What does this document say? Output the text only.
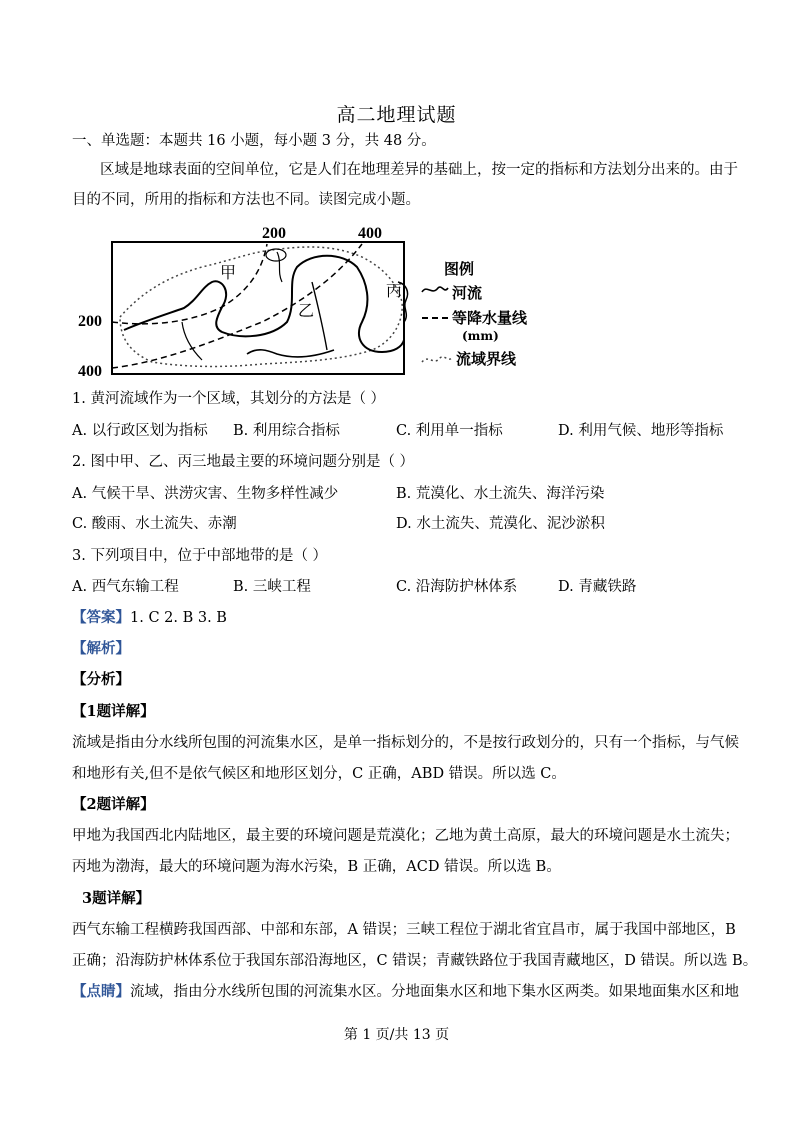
高二地理试题
一、单选题：本题共 16 小题，每小题 3 分，共 48 分。
区域是地球表面的空间单位，它是人们在地理差异的基础上，按一定的指标和方法划分出来的。由于
目的不同，所用的指标和方法也不同。读图完成小题。
200	400
200
400
甲
乙
丙
图例
河流
等降水量线
(mm)
流域界线
1. 黄河流域作为一个区域，其划分的方法是（ ）
A. 以行政区划为指标 B. 利用综合指标	C. 利用单一指标	D. 利用气候、地形等指标
2. 图中甲、乙、丙三地最主要的环境问题分别是（ ）
A. 气候干旱、洪涝灾害、生物多样性减少	B. 荒漠化、水土流失、海洋污染
C. 酸雨、水土流失、赤潮	D. 水土流失、荒漠化、泥沙淤积
3. 下列项目中，位于中部地带的是（ ）
A. 西气东输工程	B. 三峡工程	C. 沿海防护林体系	D. 青藏铁路
【答案】1. C 2. B 3. B
【解析】
【分析】
【1题详解】
流域是指由分水线所包围的河流集水区，是单一指标划分的，不是按行政划分的，只有一个指标，与气候
和地形有关,但不是依气候区和地形区划分，C 正确，ABD 错误。所以选 C。
【2题详解】
甲地为我国西北内陆地区，最主要的环境问题是荒漠化；乙地为黄土高原，最大的环境问题是水土流失；
丙地为渤海，最大的环境问题为海水污染，B 正确，ACD 错误。所以选 B。
3题详解】
西气东输工程横跨我国西部、中部和东部，A 错误；三峡工程位于湖北省宜昌市，属于我国中部地区，B
正确；沿海防护林体系位于我国东部沿海地区，C 错误；青藏铁路位于我国青藏地区，D 错误。所以选 B。
【点睛】流域，指由分水线所包围的河流集水区。分地面集水区和地下集水区两类。如果地面集水区和地
第 1 页/共 13 页
